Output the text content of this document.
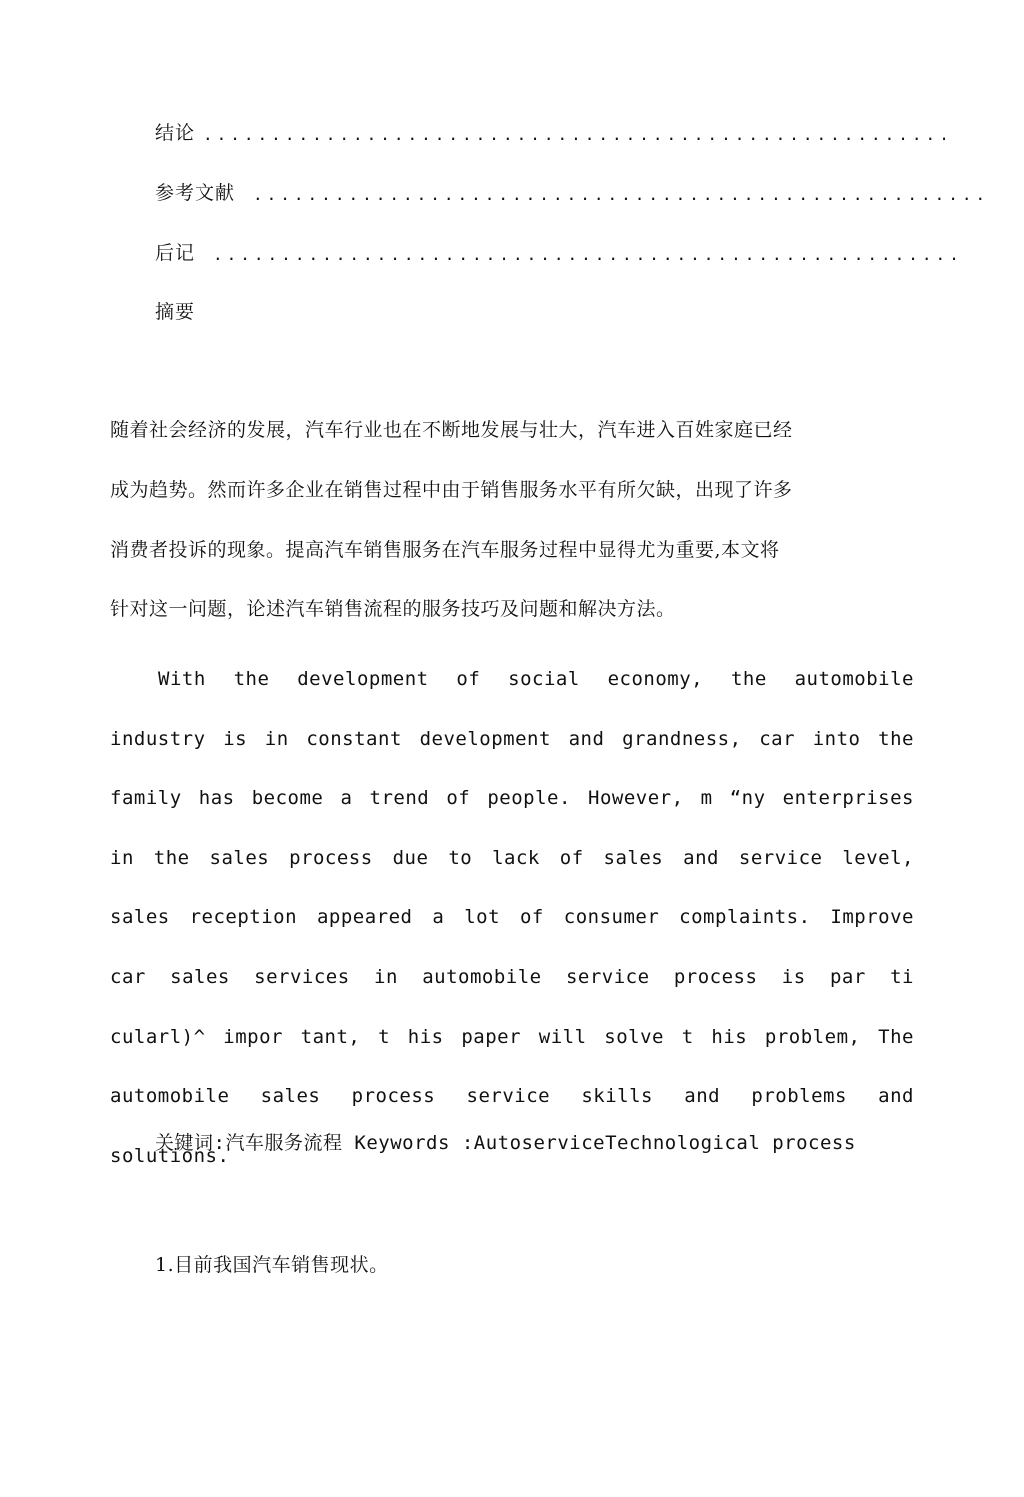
结论 .......................................................
参考文献 ......................................................
后记 .......................................................
摘要
随着社会经济的发展，汽车行业也在不断地发展与壮大，汽车进入百姓家庭已经
成为趋势。然而许多企业在销售过程中由于销售服务水平有所欠缺，出现了许多
消费者投诉的现象。提高汽车销售服务在汽车服务过程中显得尤为重要,本文将
针对这一问题，论述汽车销售流程的服务技巧及问题和解决方法。

With the development of social economy, the automobile industry is in constant development and grandness, car into the family has become a trend of people. However, m “ny enterprises in the sales process due to lack of sales and service level, sales reception appeared a lot of consumer complaints. Improve car sales services in automobile service process is par ti cularl)^ impor tant, t his paper will solve t his problem, The automobile sales process service skills and problems and solutions.

关键词:汽车服务流程 Keywords :AutoserviceTechnological process
1.目前我国汽车销售现状。
